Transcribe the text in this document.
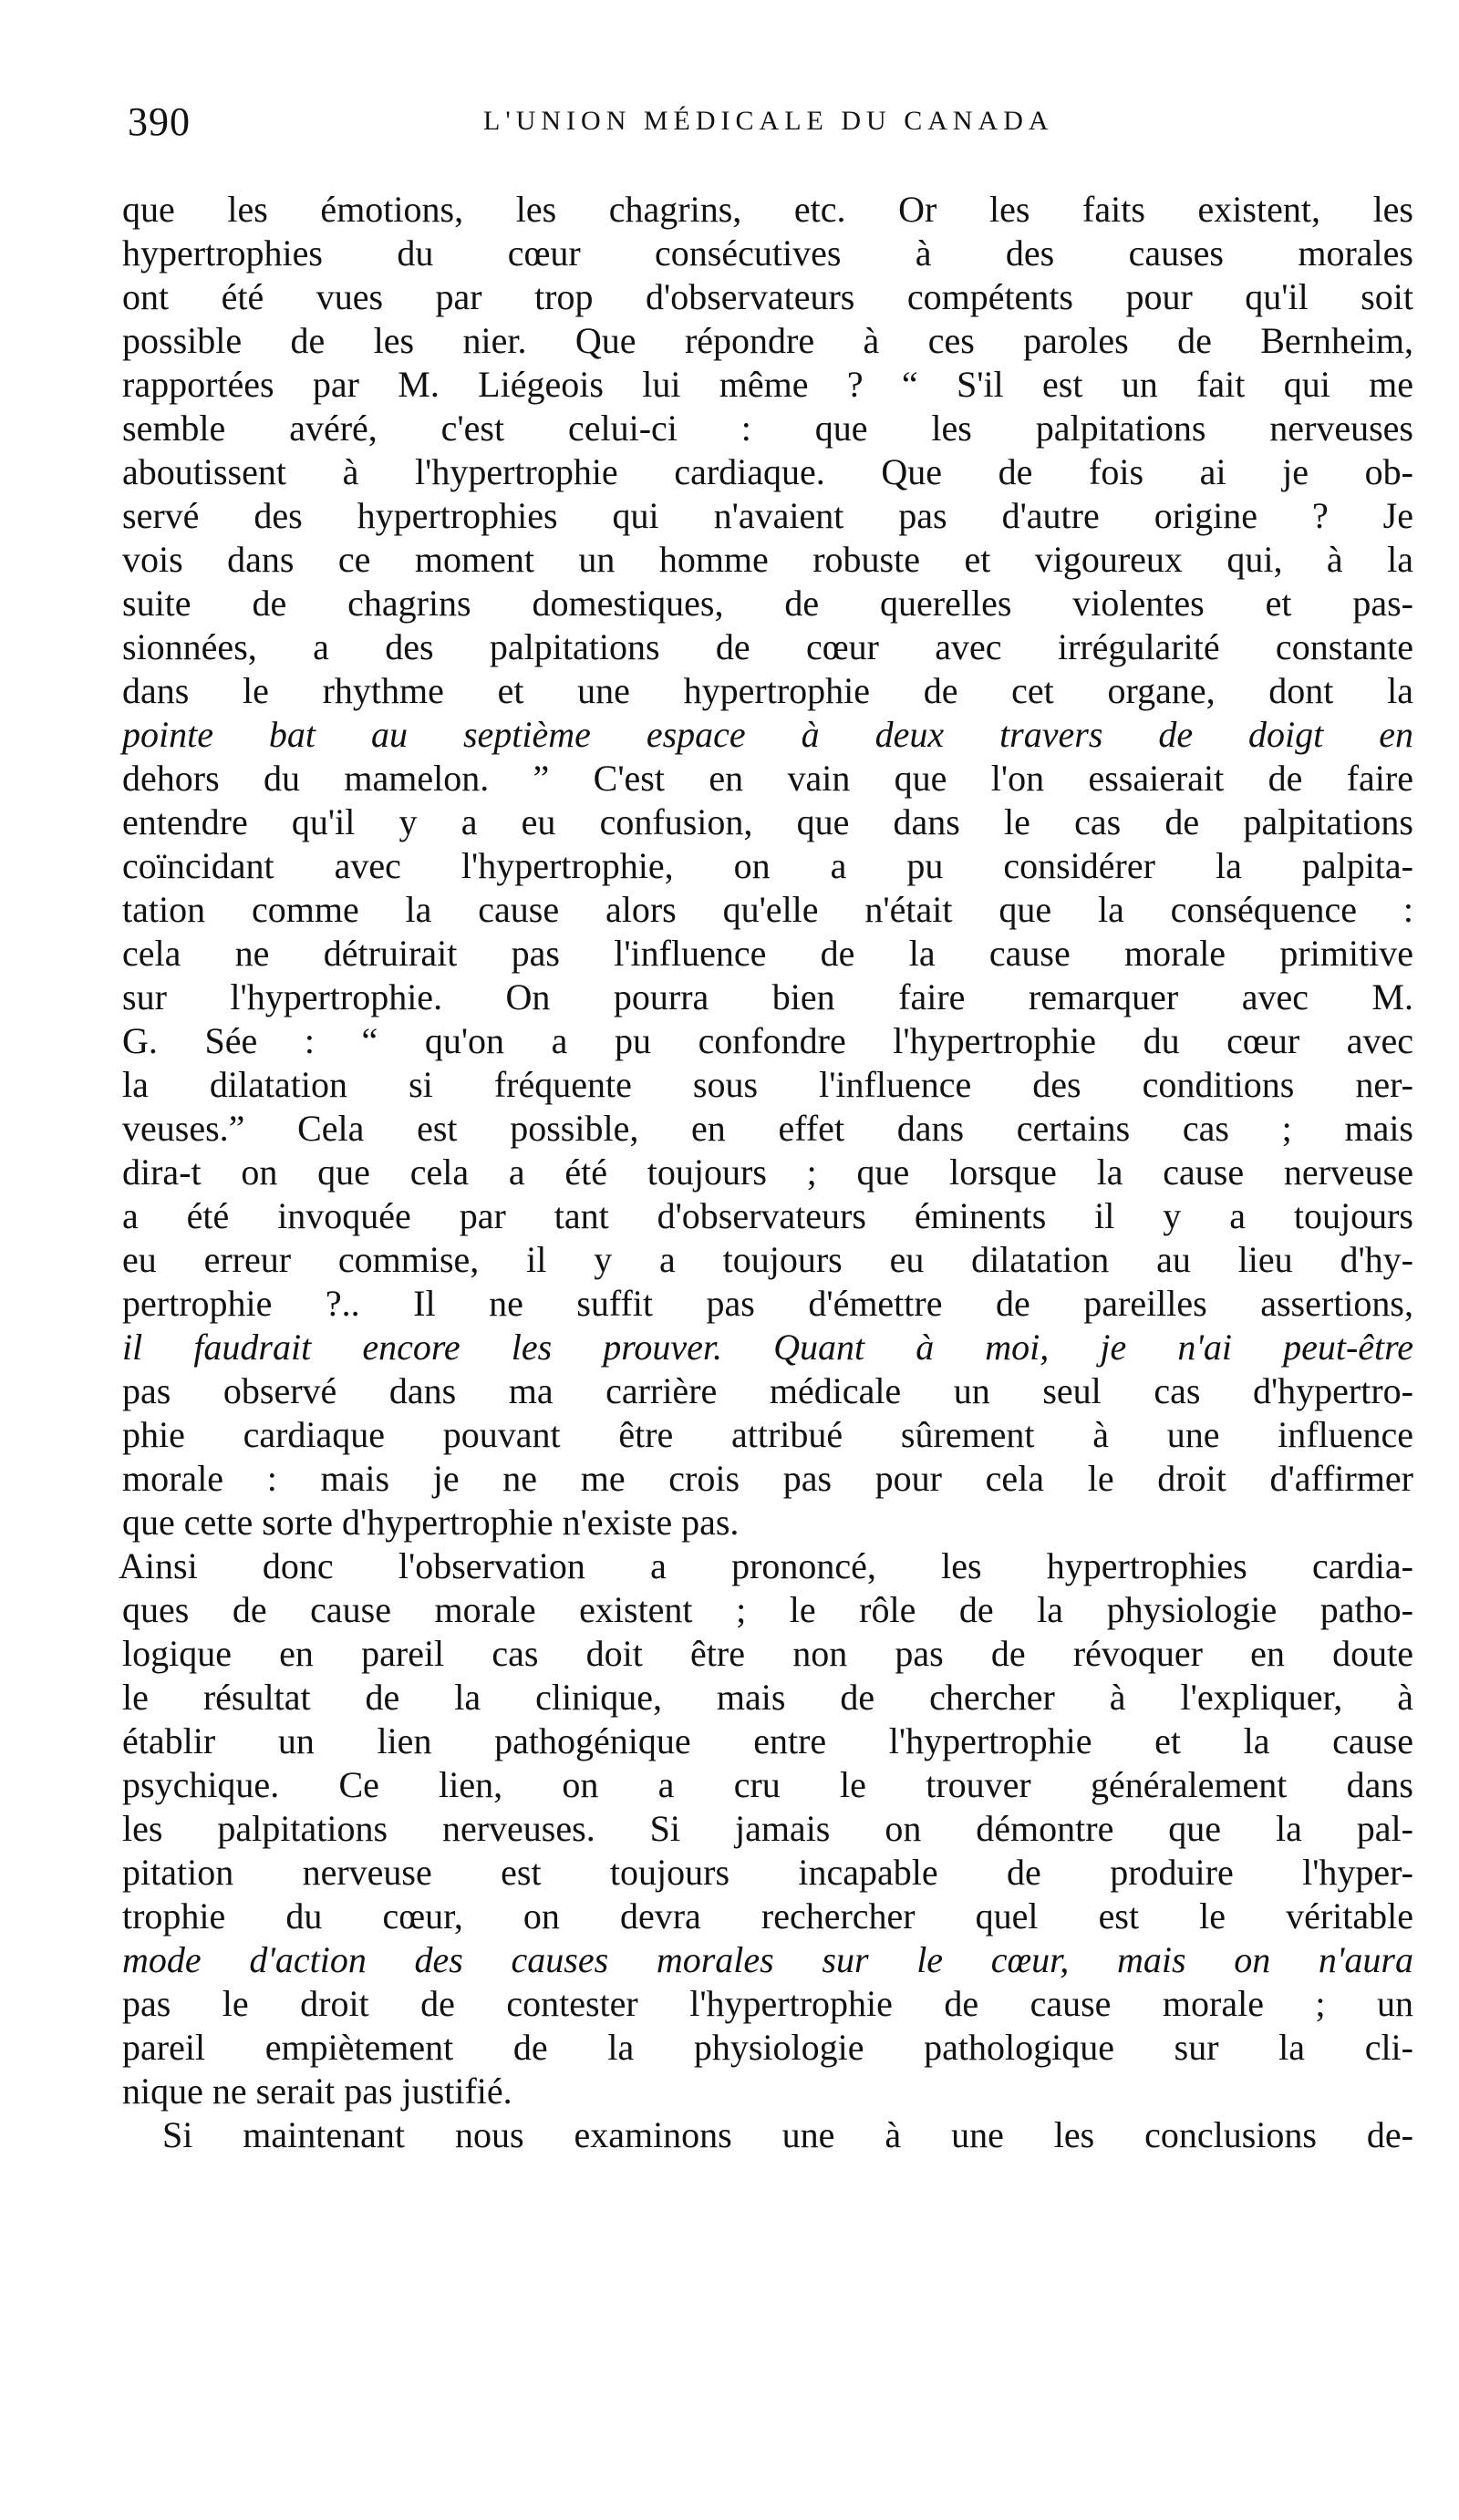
390	L'UNION MÉDICALE DU CANADA
que les émotions, les chagrins, etc. Or les faits existent, les
hypertrophies du cœur consécutives à des causes morales
ont été vues par trop d'observateurs compétents pour qu'il soit
possible de les nier. Que répondre à ces paroles de Bernheim,
rapportées par M. Liégeois lui même ? “ S'il est un fait qui me
semble avéré, c'est celui-ci : que les palpitations nerveuses
aboutissent à l'hypertrophie cardiaque. Que de fois ai je ob-
servé des hypertrophies qui n'avaient pas d'autre origine ? Je
vois dans ce moment un homme robuste et vigoureux qui, à la
suite de chagrins domestiques, de querelles violentes et pas-
sionnées, a des palpitations de cœur avec irrégularité constante
dans le rhythme et une hypertrophie de cet organe, dont la
pointe bat au septième espace à deux travers de doigt en
dehors du mamelon. ” C'est en vain que l'on essaierait de faire
entendre qu'il y a eu confusion, que dans le cas de palpitations
coïncidant avec l'hypertrophie, on a pu considérer la palpita-
tation comme la cause alors qu'elle n'était que la conséquence :
cela ne détruirait pas l'influence de la cause morale primitive
sur l'hypertrophie. On pourra bien faire remarquer avec M.
G. Sée : “ qu'on a pu confondre l'hypertrophie du cœur avec
la dilatation si fréquente sous l'influence des conditions ner-
veuses.” Cela est possible, en effet dans certains cas ; mais
dira-t on que cela a été toujours ; que lorsque la cause nerveuse
a été invoquée par tant d'observateurs éminents il y a toujours
eu erreur commise, il y a toujours eu dilatation au lieu d'hy-
pertrophie ?.. Il ne suffit pas d'émettre de pareilles assertions,
il faudrait encore les prouver. Quant à moi, je n'ai peut-être
pas observé dans ma carrière médicale un seul cas d'hypertro-
phie cardiaque pouvant être attribué sûrement à une influence
morale : mais je ne me crois pas pour cela le droit d'affirmer
que cette sorte d'hypertrophie n'existe pas.
Ainsi donc l'observation a prononcé, les hypertrophies cardia-
ques de cause morale existent ; le rôle de la physiologie patho-
logique en pareil cas doit être non pas de révoquer en doute
le résultat de la clinique, mais de chercher à l'expliquer, à
établir un lien pathogénique entre l'hypertrophie et la cause
psychique. Ce lien, on a cru le trouver généralement dans
les palpitations nerveuses. Si jamais on démontre que la pal-
pitation nerveuse est toujours incapable de produire l'hyper-
trophie du cœur, on devra rechercher quel est le véritable
mode d'action des causes morales sur le cœur, mais on n'aura
pas le droit de contester l'hypertrophie de cause morale ; un
pareil empiètement de la physiologie pathologique sur la cli-
nique ne serait pas justifié.
Si maintenant nous examinons une à une les conclusions de-
